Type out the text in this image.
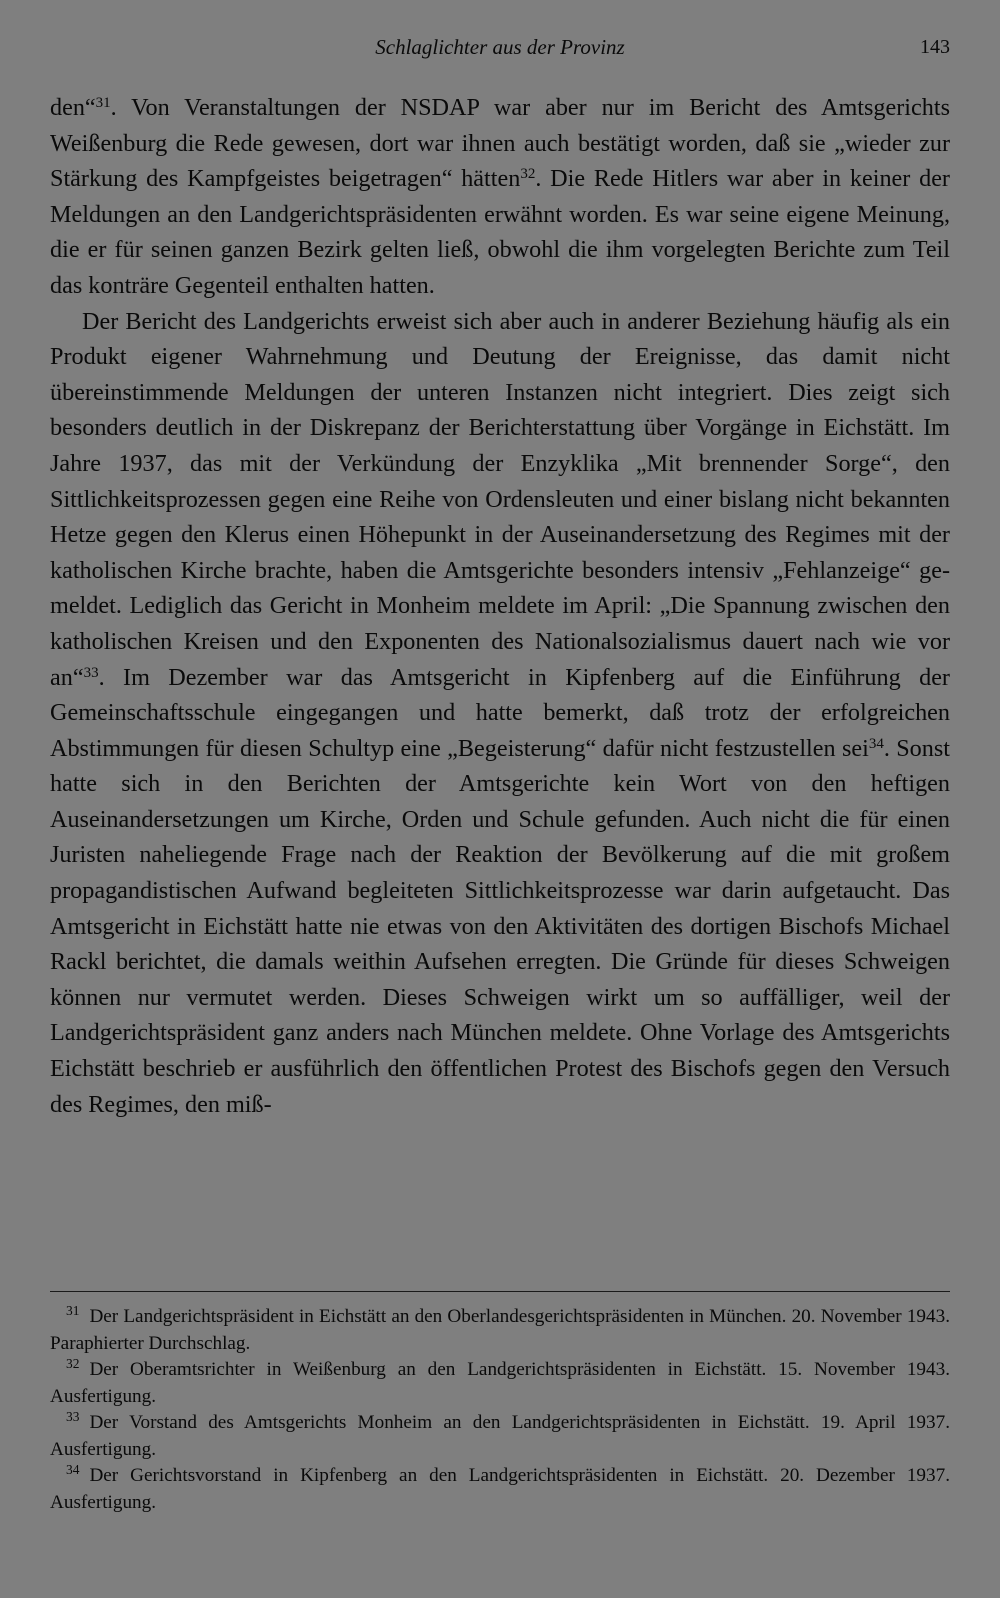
Schlaglichter aus der Provinz	143

den“$^{31}$. Von Veranstaltungen der NSDAP war aber nur im Bericht des Amtsgerichts Weißenburg die Rede gewesen, dort war ihnen auch bestätigt worden, daß sie „wieder zur Stärkung des Kampfgeistes beigetragen“ hätten$^{32}$. Die Rede Hitlers war aber in keiner der Meldungen an den Landgerichtspräsidenten erwähnt worden. Es war seine eigene Meinung, die er für seinen ganzen Bezirk gelten ließ, obwohl die ihm vorgelegten Berichte zum Teil das konträre Gegenteil enthalten hatten.

Der Bericht des Landgerichts erweist sich aber auch in anderer Beziehung häufig als ein Produkt eigener Wahrnehmung und Deutung der Ereignisse, das damit nicht übereinstimmende Meldungen der unteren Instanzen nicht integriert. Dies zeigt sich besonders deutlich in der Diskrepanz der Berichterstattung über Vorgänge in Eichstätt. Im Jahre 1937, das mit der Verkündung der Enzyklika „Mit brennender Sorge“, den Sittlichkeitsprozessen gegen eine Reihe von Ordensleuten und einer bislang nicht bekannten Hetze gegen den Klerus einen Höhepunkt in der Auseinandersetzung des Regimes mit der katholischen Kirche brachte, haben die Amtsgerichte besonders intensiv „Fehlanzeige“ gemeldet. Lediglich das Gericht in Monheim meldete im April: „Die Spannung zwischen den katholischen Kreisen und den Exponenten des Nationalsozialismus dauert nach wie vor an“$^{33}$. Im Dezember war das Amtsgericht in Kipfenberg auf die Einführung der Gemeinschaftsschule eingegangen und hatte bemerkt, daß trotz der erfolgreichen Abstimmungen für diesen Schultyp eine „Begeisterung“ dafür nicht festzustellen sei$^{34}$. Sonst hatte sich in den Berichten der Amtsgerichte kein Wort von den heftigen Auseinandersetzungen um Kirche, Orden und Schule gefunden. Auch nicht die für einen Juristen naheliegende Frage nach der Reaktion der Bevölkerung auf die mit großem propagandistischen Aufwand begleiteten Sittlichkeitsprozesse war darin aufgetaucht. Das Amtsgericht in Eichstätt hatte nie etwas von den Aktivitäten des dortigen Bischofs Michael Rackl berichtet, die damals weithin Aufsehen erregten. Die Gründe für dieses Schweigen können nur vermutet werden. Dieses Schweigen wirkt um so auffälliger, weil der Landgerichtspräsident ganz anders nach München meldete. Ohne Vorlage des Amtsgerichts Eichstätt beschrieb er ausführlich den öffentlichen Protest des Bischofs gegen den Versuch des Regimes, den miß-

$^{31}$ Der Landgerichtspräsident in Eichstätt an den Oberlandesgerichtspräsidenten in München. 20. November 1943. Paraphierter Durchschlag.

$^{32}$ Der Oberamtsrichter in Weißenburg an den Landgerichtspräsidenten in Eichstätt. 15. November 1943. Ausfertigung.

$^{33}$ Der Vorstand des Amtsgerichts Monheim an den Landgerichtspräsidenten in Eichstätt. 19. April 1937. Ausfertigung.

$^{34}$ Der Gerichtsvorstand in Kipfenberg an den Landgerichtspräsidenten in Eichstätt. 20. Dezember 1937. Ausfertigung.
